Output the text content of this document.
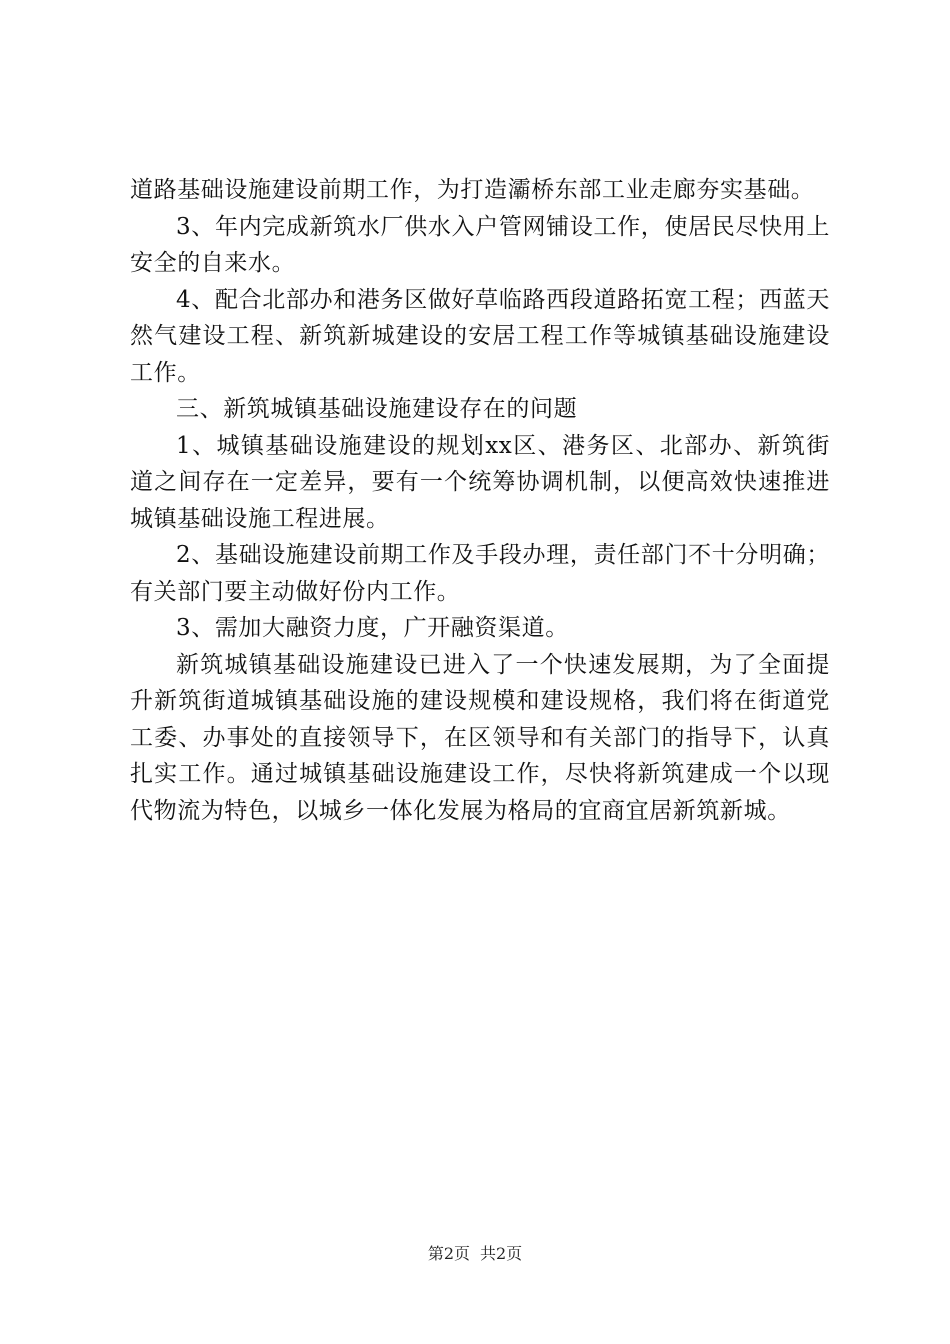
道路基础设施建设前期工作，为打造灞桥东部工业走廊夯实基础。

3、年内完成新筑水厂供水入户管网铺设工作，使居民尽快用上安全的自来水。

4、配合北部办和港务区做好草临路西段道路拓宽工程；西蓝天然气建设工程、新筑新城建设的安居工程工作等城镇基础设施建设工作。

三、新筑城镇基础设施建设存在的问题

1、城镇基础设施建设的规划xx区、港务区、北部办、新筑街道之间存在一定差异，要有一个统筹协调机制，以便高效快速推进城镇基础设施工程进展。

2、基础设施建设前期工作及手段办理，责任部门不十分明确；有关部门要主动做好份内工作。

3、需加大融资力度，广开融资渠道。

新筑城镇基础设施建设已进入了一个快速发展期，为了全面提升新筑街道城镇基础设施的建设规模和建设规格，我们将在街道党工委、办事处的直接领导下，在区领导和有关部门的指导下，认真扎实工作。通过城镇基础设施建设工作，尽快将新筑建成一个以现代物流为特色，以城乡一体化发展为格局的宜商宜居新筑新城。

第2页 共2页
